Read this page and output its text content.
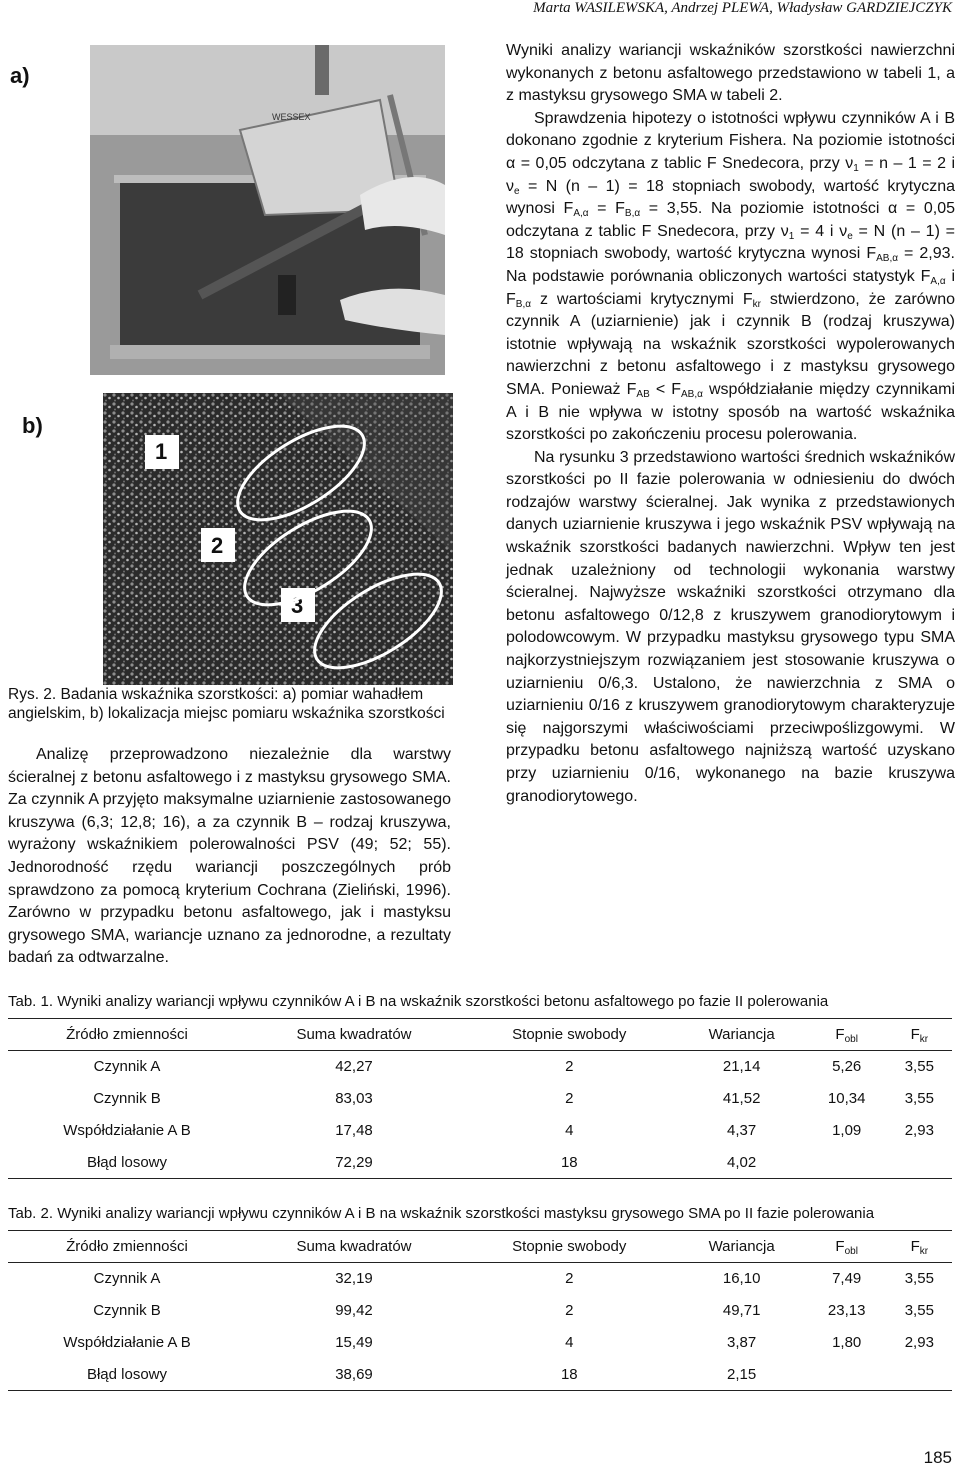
Marta WASILEWSKA, Andrzej PLEWA, Władysław GARDZIEJCZYK
a)
b)
WESSEX
1
2
3
Rys. 2. Badania wskaźnika szorstkości: a) pomiar wahadłem angielskim, b) lokalizacja miejsc pomiaru wskaźnika szorstkości

Analizę przeprowadzono niezależnie dla warstwy ścieralnej z betonu asfaltowego i z mastyksu grysowego SMA. Za czynnik A przyjęto maksymalne uziarnienie zastosowanego kruszywa (6,3; 12,8; 16), a za czynnik B – rodzaj kruszywa, wyrażony wskaźnikiem polerowalności PSV (49; 52; 55). Jednorodność rzędu wariancji poszczególnych prób sprawdzono za pomocą kryterium Cochrana (Zieliński, 1996). Zarówno w przypadku betonu asfaltowego, jak i mastyksu grysowego SMA, wariancje uznano za jednorodne, a rezultaty badań za odtwarzalne.

Wyniki analizy wariancji wskaźników szorstkości nawierzchni wykonanych z betonu asfaltowego przedstawiono w tabeli 1, a z mastyksu grysowego SMA w tabeli 2.

Sprawdzenia hipotezy o istotności wpływu czynników A i B dokonano zgodnie z kryterium Fishera. Na poziomie istotności α = 0,05 odczytana z tablic F Snedecora, przy $\nu_1 = n - 1 = 2$ i $\nu_e = N$ (n – 1) = 18 stopniach swobody, wartość krytyczna wynosi $F_{A,\alpha} = F_{B,\alpha} = 3,55$. Na poziomie istotności α = 0,05 odczytana z tablic F Snedecora, przy $\nu_1 = 4$ i $\nu_e = N$ (n – 1) = 18 stopniach swobody, wartość krytyczna wynosi $F_{AB,\alpha} = 2,93$. Na podstawie porównania obliczonych wartości statystyk $F_{A,\alpha}$ i $F_{B,\alpha}$ z wartościami krytycznymi $F_{kr}$ stwierdzono, że zarówno czynnik A (uziarnienie) jak i czynnik B (rodzaj kruszywa) istotnie wpływają na wskaźnik szorstkości wypolerowanych nawierzchni z betonu asfaltowego i z mastyksu grysowego SMA. Ponieważ $F_{AB} < F_{AB,\alpha}$ współdziałanie między czynnikami A i B nie wpływa w istotny sposób na wartość wskaźnika szorstkości po zakończeniu procesu polerowania.

Na rysunku 3 przedstawiono wartości średnich wskaźników szorstkości po II fazie polerowania w odniesieniu do dwóch rodzajów warstwy ścieralnej. Jak wynika z przedstawionych danych uziarnienie kruszywa i jego wskaźnik PSV wpływają na wskaźnik szorstkości badanych nawierzchni. Wpływ ten jest jednak uzależniony od technologii wykonania warstwy ścieralnej. Najwyższe wskaźniki szorstkości otrzymano dla betonu asfaltowego 0/12,8 z kruszywem granodiorytowym i polodowcowym. W przypadku mastyksu grysowego typu SMA najkorzystniejszym rozwiązaniem jest stosowanie kruszywa o uziarnieniu 0/6,3. Ustalono, że nawierzchnia z SMA o uziarnieniu 0/16 z kruszywem granodiorytowym charakteryzuje się najgorszymi właściwościami przeciwpoślizgowymi. W przypadku betonu asfaltowego najniższą wartość uzyskano przy uziarnieniu 0/16, wykonanego na bazie kruszywa granodiorytowego.

Tab. 1. Wyniki analizy wariancji wpływu czynników A i B na wskaźnik szorstkości betonu asfaltowego po fazie II polerowania
Źródło zmienności	Suma kwadratów	Stopnie swobody	Wariancja	$F_{obl}$	$F_{kr}$
Czynnik A	42,27	2	21,14	5,26	3,55
Czynnik B	83,03	2	41,52	10,34	3,55
Współdziałanie A B	17,48	4	4,37	1,09	2,93
Błąd losowy	72,29	18	4,02		
Tab. 2. Wyniki analizy wariancji wpływu czynników A i B na wskaźnik szorstkości mastyksu grysowego SMA po II fazie polerowania
Źródło zmienności	Suma kwadratów	Stopnie swobody	Wariancja	$F_{obl}$	$F_{kr}$
Czynnik A	32,19	2	16,10	7,49	3,55
Czynnik B	99,42	2	49,71	23,13	3,55
Współdziałanie A B	15,49	4	3,87	1,80	2,93
Błąd losowy	38,69	18	2,15		
185
